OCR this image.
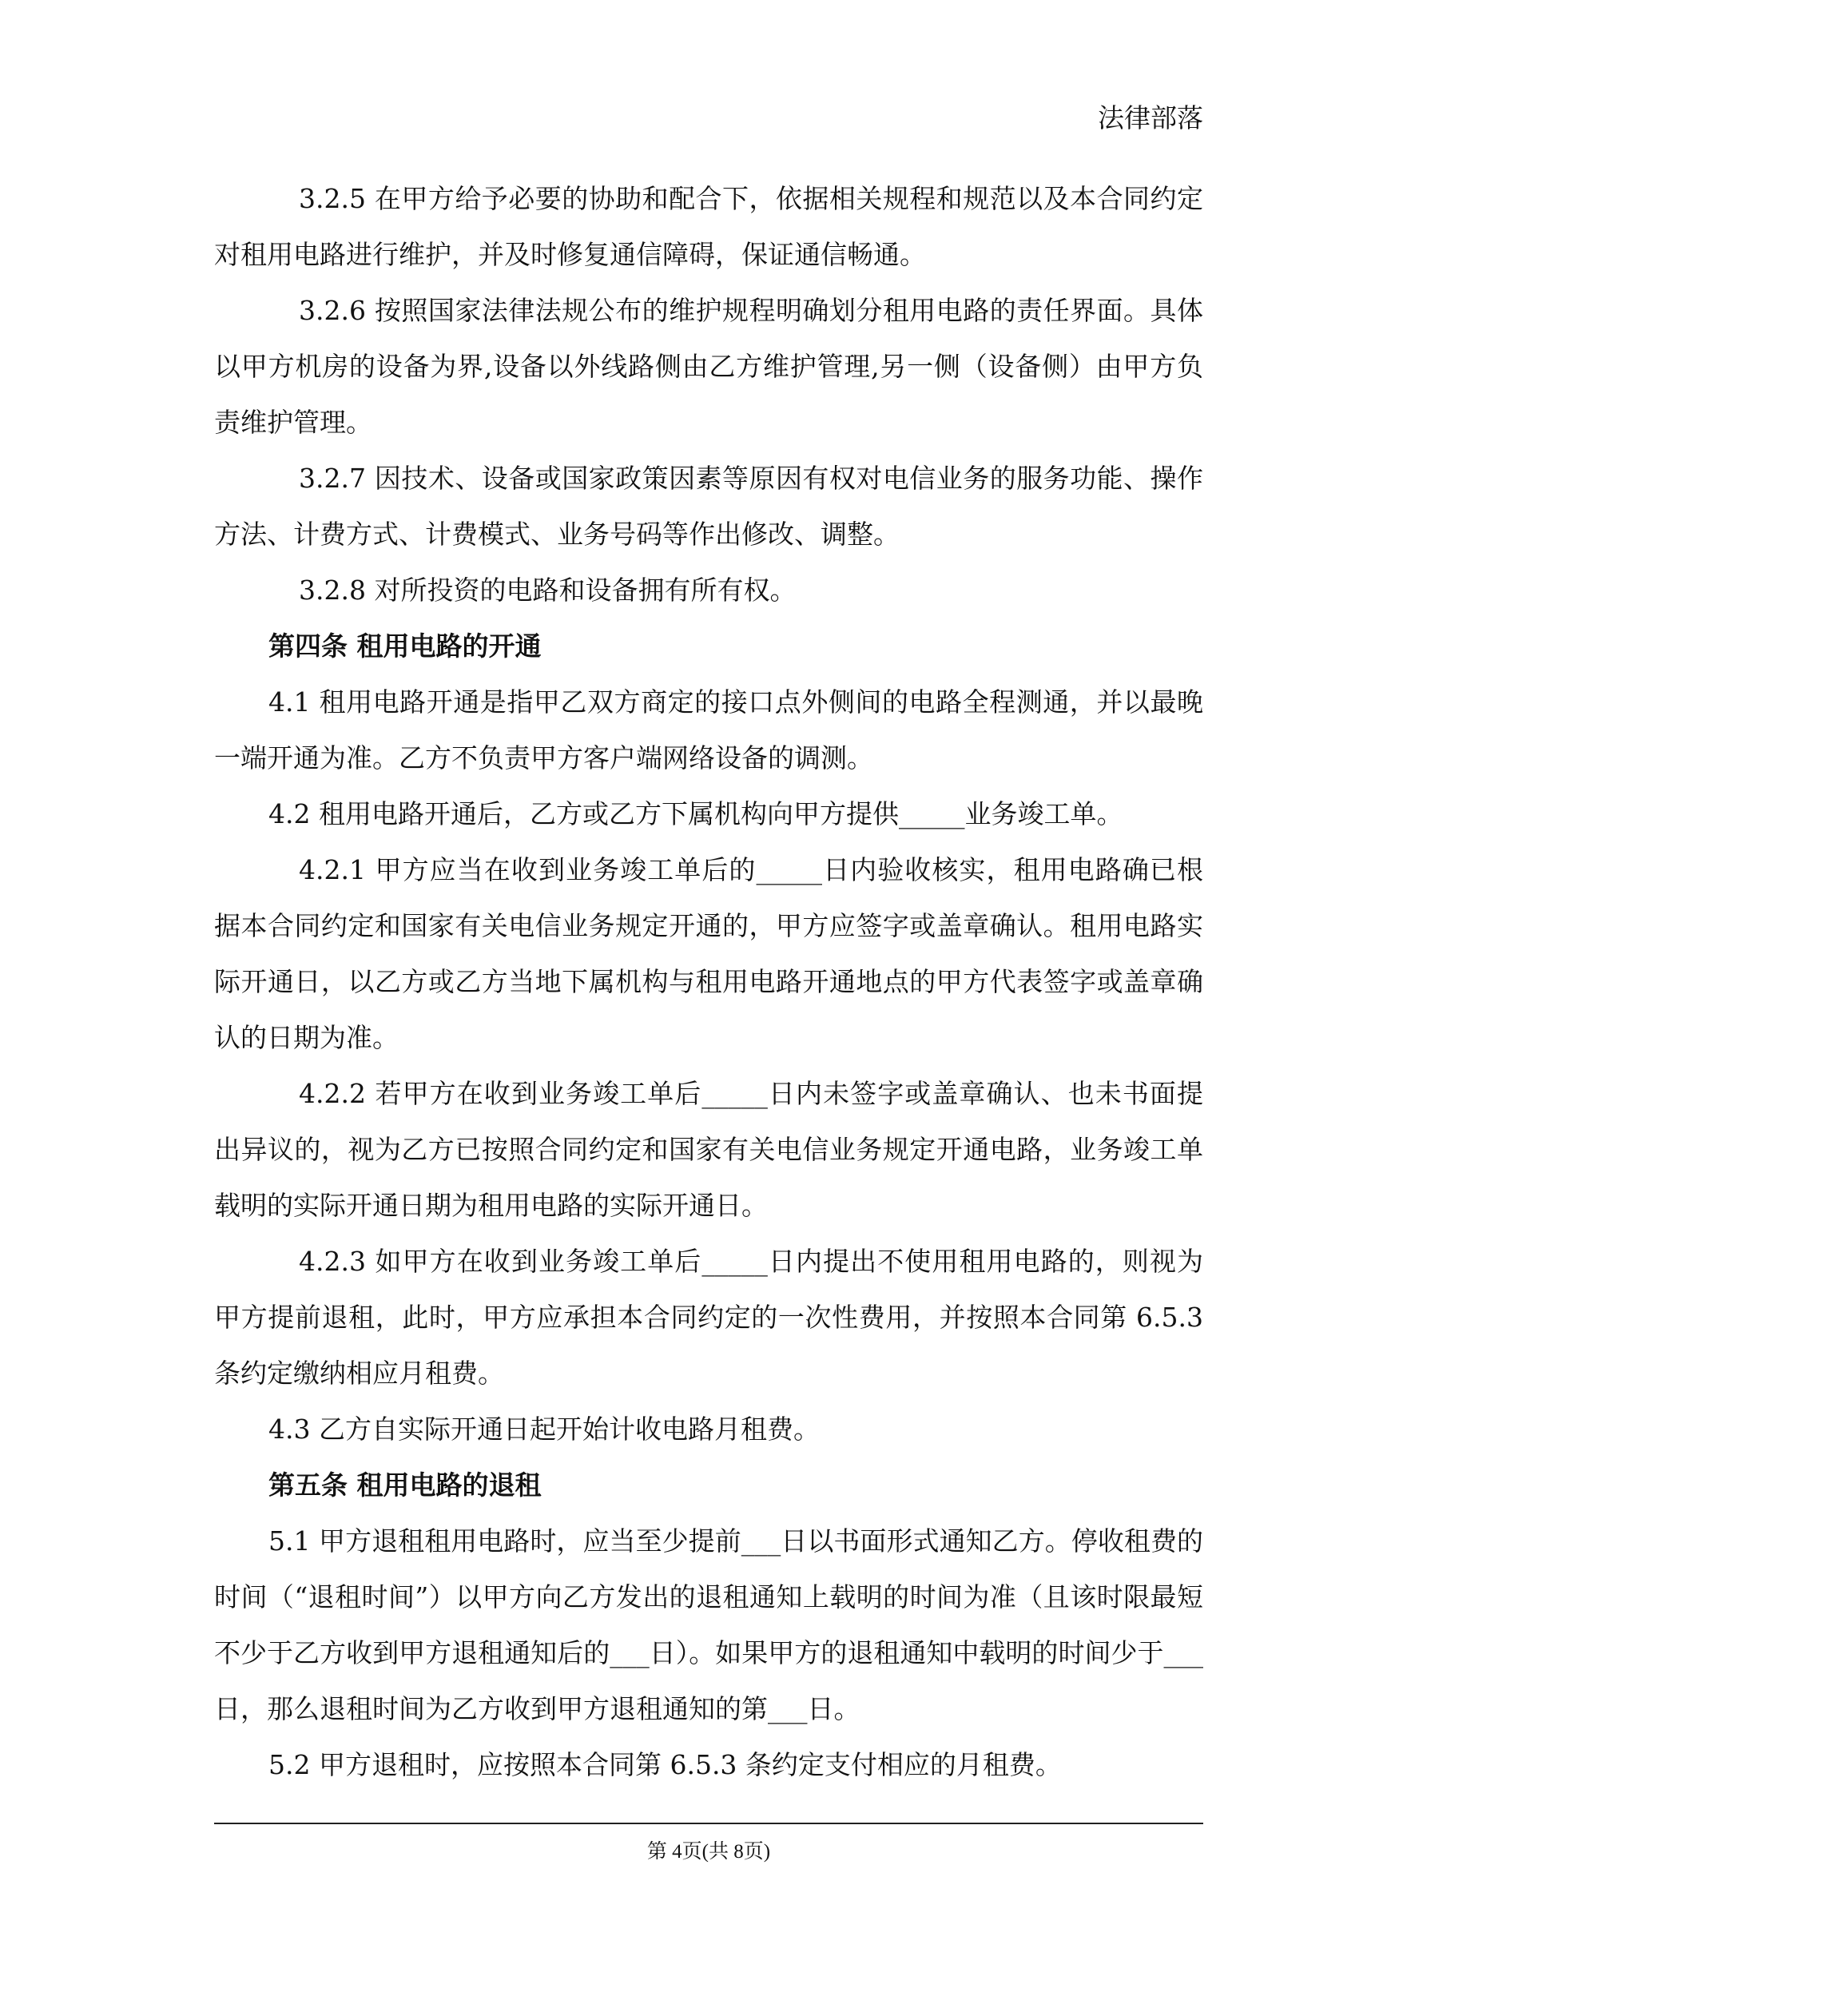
法律部落

3.2.5 在甲方给予必要的协助和配合下，依据相关规程和规范以及本合同约定对租用电路进行维护，并及时修复通信障碍，保证通信畅通。

3.2.6 按照国家法律法规公布的维护规程明确划分租用电路的责任界面。具体以甲方机房的设备为界,设备以外线路侧由乙方维护管理,另一侧（设备侧）由甲方负责维护管理。

3.2.7 因技术、设备或国家政策因素等原因有权对电信业务的服务功能、操作方法、计费方式、计费模式、业务号码等作出修改、调整。

3.2.8 对所投资的电路和设备拥有所有权。

第四条 租用电路的开通

4.1 租用电路开通是指甲乙双方商定的接口点外侧间的电路全程测通，并以最晚一端开通为准。乙方不负责甲方客户端网络设备的调测。

4.2 租用电路开通后，乙方或乙方下属机构向甲方提供_____业务竣工单。

4.2.1 甲方应当在收到业务竣工单后的_____日内验收核实，租用电路确已根据本合同约定和国家有关电信业务规定开通的，甲方应签字或盖章确认。租用电路实际开通日，以乙方或乙方当地下属机构与租用电路开通地点的甲方代表签字或盖章确认的日期为准。

4.2.2 若甲方在收到业务竣工单后_____日内未签字或盖章确认、也未书面提出异议的，视为乙方已按照合同约定和国家有关电信业务规定开通电路，业务竣工单载明的实际开通日期为租用电路的实际开通日。

4.2.3 如甲方在收到业务竣工单后_____日内提出不使用租用电路的，则视为甲方提前退租，此时，甲方应承担本合同约定的一次性费用，并按照本合同第 6.5.3 条约定缴纳相应月租费。

4.3 乙方自实际开通日起开始计收电路月租费。

第五条 租用电路的退租

5.1 甲方退租租用电路时，应当至少提前___日以书面形式通知乙方。停收租费的时间（“退租时间”）以甲方向乙方发出的退租通知上载明的时间为准（且该时限最短不少于乙方收到甲方退租通知后的___日）。如果甲方的退租通知中载明的时间少于___日，那么退租时间为乙方收到甲方退租通知的第___日。

5.2 甲方退租时，应按照本合同第 6.5.3 条约定支付相应的月租费。

第 4页(共 8页)
